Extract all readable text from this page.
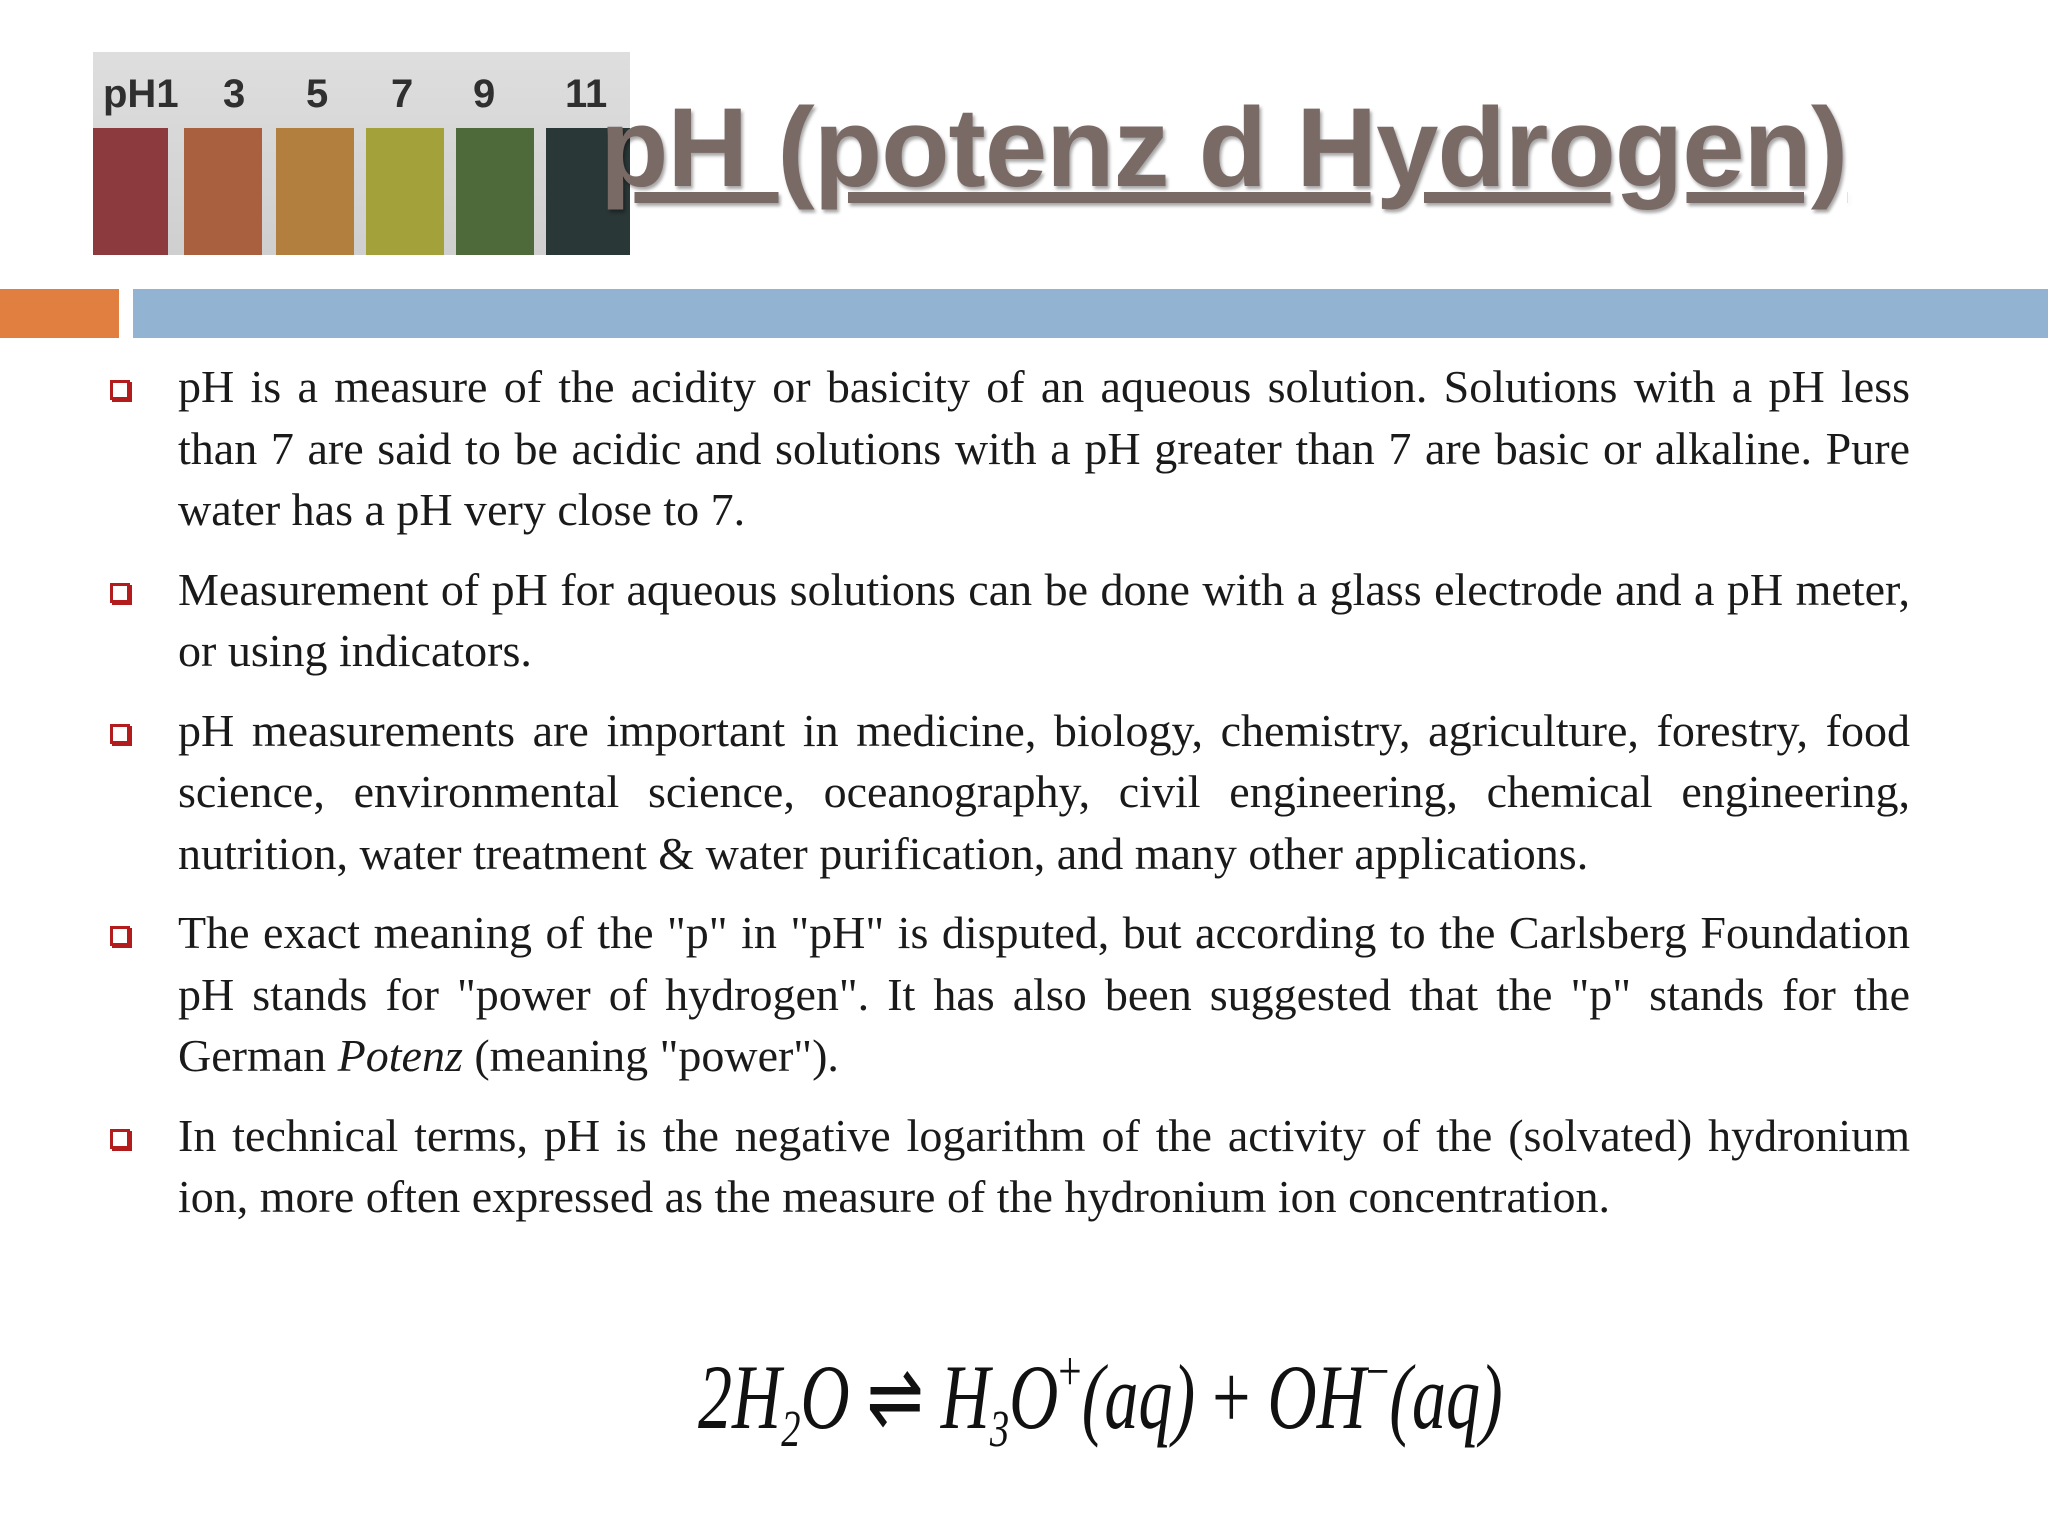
pH1 3 5 7 9 11
pH (potenz d Hydrogen)

pH is a measure of the acidity or basicity of an aqueous solution. Solutions with a pH less than 7 are said to be acidic and solutions with a pH greater than 7 are basic or alkaline. Pure water has a pH very close to 7.

Measurement of pH for aqueous solutions can be done with a glass electrode and a pH meter, or using indicators.

pH measurements are important in medicine, biology, chemistry, agriculture, forestry, food science, environmental science, oceanography, civil engineering, chemical engineering, nutrition, water treatment & water purification, and many other applications.

The exact meaning of the "p" in "pH" is disputed, but according to the Carlsberg Foundation pH stands for "power of hydrogen". It has also been suggested that the "p" stands for the German Potenz (meaning "power").

In technical terms, pH is the negative logarithm of the activity of the (solvated) hydronium ion, more often expressed as the measure of the hydronium ion concentration.

$2H_2O$ ⇌ $H_3O^+(aq) + OH^-(aq)$
